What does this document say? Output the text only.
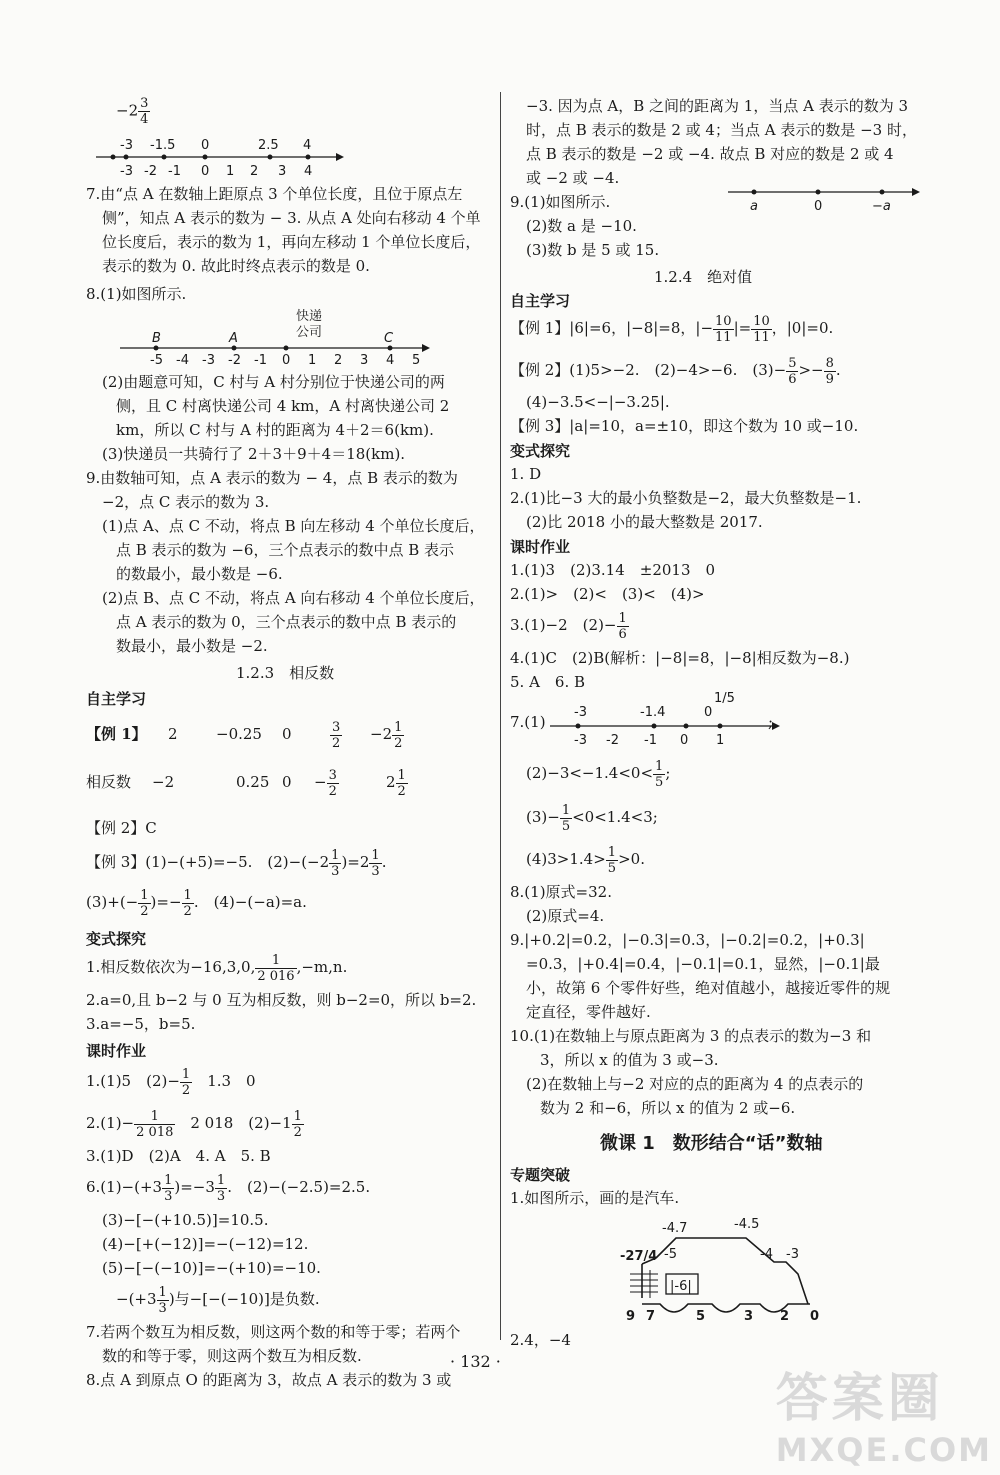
$-2 \frac{3}{4}$
-3 -1.5 0	2.5 4
-3 -2 -1 0 1 2 3 4
7.由“点 A 在数轴上距原点 3 个单位长度，且位于原点左
侧”，知点 A 表示的数为 − 3. 从点 A 处向右移动 4 个单
位长度后，表示的数为 1，再向左移动 1 个单位长度后，
表示的数为 0. 故此时终点表示的数是 0.
8.(1)如图所示.
快递
公司
B	A	C
-5 -4 -3 -2 -1 0 1 2 3 4 5
(2)由题意可知，C 村与 A 村分别位于快递公司的两
侧，且 C 村离快递公司 4 km，A 村离快递公司 2
km，所以 C 村与 A 村的距离为 4＋2＝6(km).
(3)快递员一共骑行了 2＋3＋9＋4＝18(km).
9.由数轴可知，点 A 表示的数为 − 4，点 B 表示的数为
−2，点 C 表示的数为 3.
(1)点 A、点 C 不动，将点 B 向左移动 4 个单位长度后，
点 B 表示的数为 −6，三个点表示的数中点 B 表示
的数最小，最小数是 −6.
(2)点 B、点 C 不动，将点 A 向右移动 4 个单位长度后，
点 A 表示的数为 0，三个点表示的数中点 B 表示的
数最小，最小数是 −2.
1.2.3　相反数
自主学习
【例 1】 2	−0.25 0	$\frac{3}{2} -2 \frac{1}{2}$
相反数 −2	0.25 $0 - \frac{3}{2}$	$2 \frac{1}{2}$
【例 2】C
【例 3】(1)−(+5)=−5.　$(2)-(-2 \frac{1}{3} )=2 \frac{1}{3}$ .
$(3)+(- \frac{1}{2}$ )=− $\frac{1}{2}$ .　(4)−(−a)=a.
变式探究
1.相反数依次为−16,3,0, $\frac{1}{2 016} ,-m,n$.
2.a=0,且 b−2 与 0 互为相反数，则 b−2=0，所以 b=2.
3.a=−5，b=5.
课时作业
1.(1)5　$(2)- \frac{1}{2}$ 　1.3　0
$2.(1)- \frac{1}{2 018}$ 　2 018　$(2)-1 \frac{1}{2}$
3.(1)D　(2)A　4. A　5. B
$6.(1)-(+3 \frac{1}{3} )=-3 \frac{1}{3}$ .　(2)−(−2.5)=2.5.
(3)−[−(+10.5)]=10.5.
(4)−[+(−12)]=−(−12)=12.
(5)−[−(−10)]=−(+10)=−10.
$-(+3 \frac{1}{3}$ )与−[−(−10)]是负数.
7.若两个数互为相反数，则这两个数的和等于零；若两个
数的和等于零，则这两个数互为相反数.
8.点 A 到原点 O 的距离为 3，故点 A 表示的数为 3 或
−3. 因为点 A，B 之间的距离为 1，当点 A 表示的数为 3
时，点 B 表示的数是 2 或 4；当点 A 表示的数是 −3 时，
点 B 表示的数是 −2 或 −4. 故点 B 对应的数是 2 或 4
或 −2 或 −4.
9.(1)如图所示.	a	0	−a
(2)数 a 是 −10.
(3)数 b 是 5 或 15.
1.2.4　绝对值
自主学习
【例 1】|6|=6，|−8|=8，|− $\frac{10}{11}$ |= $\frac{10}{11}$ ，|0|=0.
【例 2】(1)5>−2.　(2)−4>−6.　$(3)- \frac{5}{6} >- \frac{8}{9}$ .
(4)−3.5<−|−3.25|.
【例 3】|a|=10，a=±10，即这个数为 10 或−10.
变式探究
1. D
2.(1)比−3 大的最小负整数是−2，最大负整数是−1.
(2)比 2018 小的最大整数是 2017.
课时作业
1.(1)3　(2)3.14　±2013　0
2.(1)>　(2)<　(3)<　(4)>
3.(1)−2　$(2)- \frac{1}{6}$
4.(1)C　(2)B(解析：|−8|=8，|−8|相反数为−8.)
5. A　6. B
7.(1)
1/5
-3	-1.4	0
-3 -2 -1 0 1
;
$(2)-3<-1.4<0< \frac{1}{5}$ ;
$(3)- \frac{1}{5} <0<1.4<3$;
$(4)3>1.4> \frac{1}{5} >0$.
8.(1)原式=32.
(2)原式=4.
9.|+0.2|=0.2，|−0.3|=0.3，|−0.2|=0.2，|+0.3|
=0.3，|+0.4|=0.4，|−0.1|=0.1，显然，|−0.1|最
小，故第 6 个零件好些，绝对值越小，越接近零件的规
定直径，零件越好.
10.(1)在数轴上与原点距离为 3 的点表示的数为−3 和
3，所以 x 的值为 3 或−3.
(2)在数轴上与−2 对应的点的距离为 4 的点表示的
数为 2 和−6，所以 x 的值为 2 或−6.
微课 1　数形结合“话”数轴
专题突破
1.如图所示，画的是汽车.
-4.7	-4.5
-5	-4 -3
-27/4
|-6|
9 7	5	3 2 0
2.4，−4
· 132 ·
答案圈
MXQE.COM
